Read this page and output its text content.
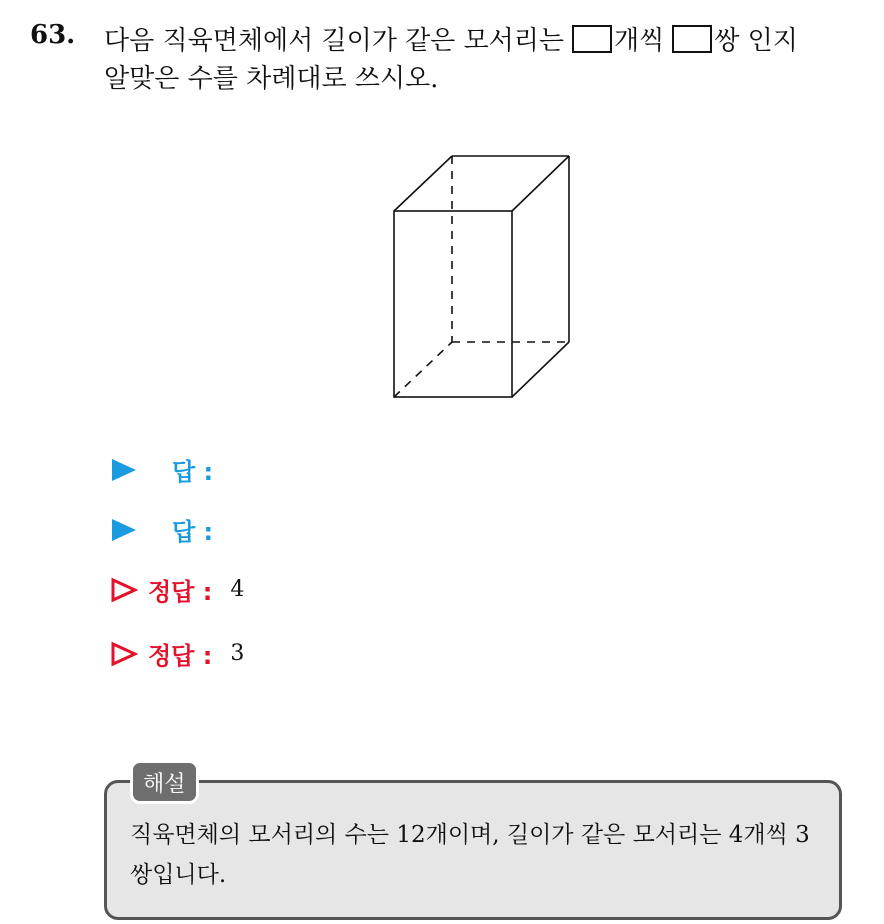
63. 다음 직육면체에서 길이가 같은 모서리는 개씩 쌍 인지
알맞은 수를 차례대로 쓰시오.
답 :
답 :
정답 : 4
정답 : 3
해설
직육면체의 모서리의 수는 12개이며, 길이가 같은 모서리는 4개씩 3쌍입니다.
